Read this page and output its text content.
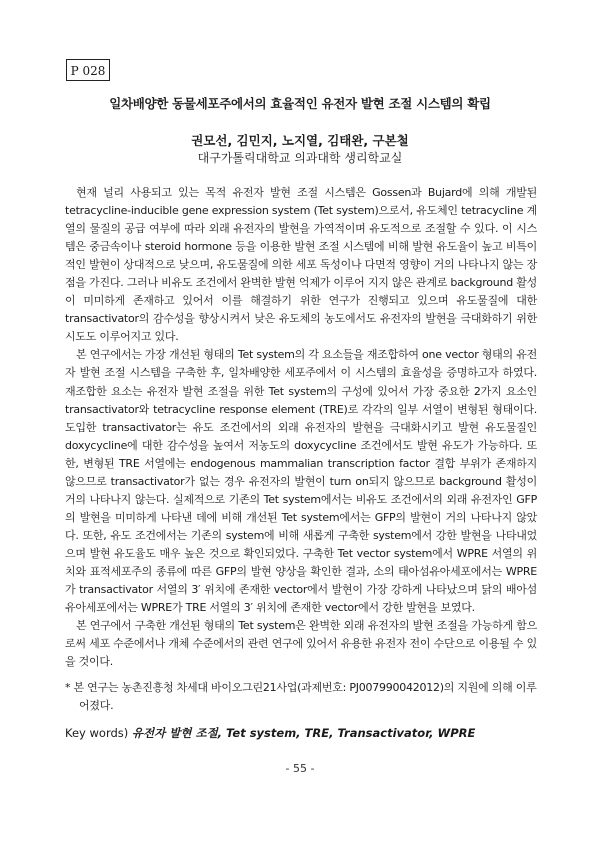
P 028
일차배양한 동물세포주에서의 효율적인 유전자 발현 조절 시스템의 확립
권모선, 김민지, 노지열, 김태완, 구본철
대구가톨릭대학교 의과대학 생리학교실

현재 널리 사용되고 있는 목적 유전자 발현 조절 시스템은 Gossen과 Bujard에 의해 개발된 tetracycline-inducible gene expression system (Tet system)으로서, 유도체인 tetracycline 계열의 물질의 공급 여부에 따라 외래 유전자의 발현을 가역적이며 유도적으로 조절할 수 있다. 이 시스템은 중금속이나 steroid hormone 등을 이용한 발현 조절 시스템에 비해 발현 유도율이 높고 비특이적인 발현이 상대적으로 낮으며, 유도물질에 의한 세포 독성이나 다면적 영향이 거의 나타나지 않는 장점을 가진다. 그러나 비유도 조건에서 완벽한 발현 억제가 이루어 지지 않은 관계로 background 활성이 미미하게 존재하고 있어서 이를 해결하기 위한 연구가 진행되고 있으며 유도물질에 대한 transactivator의 감수성을 향상시켜서 낮은 유도체의 농도에서도 유전자의 발현을 극대화하기 위한 시도도 이루어지고 있다.

본 연구에서는 가장 개선된 형태의 Tet system의 각 요소들을 재조합하여 one vector 형태의 유전자 발현 조절 시스템을 구축한 후, 일차배양한 세포주에서 이 시스템의 효율성을 증명하고자 하였다. 재조합한 요소는 유전자 발현 조절을 위한 Tet system의 구성에 있어서 가장 중요한 2가지 요소인 transactivator와 tetracycline response element (TRE)로 각각의 일부 서열이 변형된 형태이다. 도입한 transactivator는 유도 조건에서의 외래 유전자의 발현을 극대화시키고 발현 유도물질인 doxycycline에 대한 감수성을 높여서 저농도의 doxycycline 조건에서도 발현 유도가 가능하다. 또한, 변형된 TRE 서열에는 endogenous mammalian transcription factor 결합 부위가 존재하지 않으므로 transactivator가 없는 경우 유전자의 발현이 turn on되지 않으므로 background 활성이 거의 나타나지 않는다. 실제적으로 기존의 Tet system에서는 비유도 조건에서의 외래 유전자인 GFP의 발현을 미미하게 나타낸 데에 비해 개선된 Tet system에서는 GFP의 발현이 거의 나타나지 않았다. 또한, 유도 조건에서는 기존의 system에 비해 새롭게 구축한 system에서 강한 발현을 나타내었으며 발현 유도율도 매우 높은 것으로 확인되었다. 구축한 Tet vector system에서 WPRE 서열의 위치와 표적세포주의 종류에 따른 GFP의 발현 양상을 확인한 결과, 소의 태아섬유아세포에서는 WPRE가 transactivator 서열의 3′ 위치에 존재한 vector에서 발현이 가장 강하게 나타났으며 닭의 배아섬유아세포에서는 WPRE가 TRE 서열의 3′ 위치에 존재한 vector에서 강한 발현을 보였다.

본 연구에서 구축한 개선된 형태의 Tet system은 완벽한 외래 유전자의 발현 조절을 가능하게 함으로써 세포 수준에서나 개체 수준에서의 관련 연구에 있어서 유용한 유전자 전이 수단으로 이용될 수 있을 것이다.

* 본 연구는 농촌진흥청 차세대 바이오그린21사업(과제번호: PJ007990042012)의 지원에 의해 이루어졌다.
Key words) 유전자 발현 조절, Tet system, TRE, Transactivator, WPRE
- 55 -
